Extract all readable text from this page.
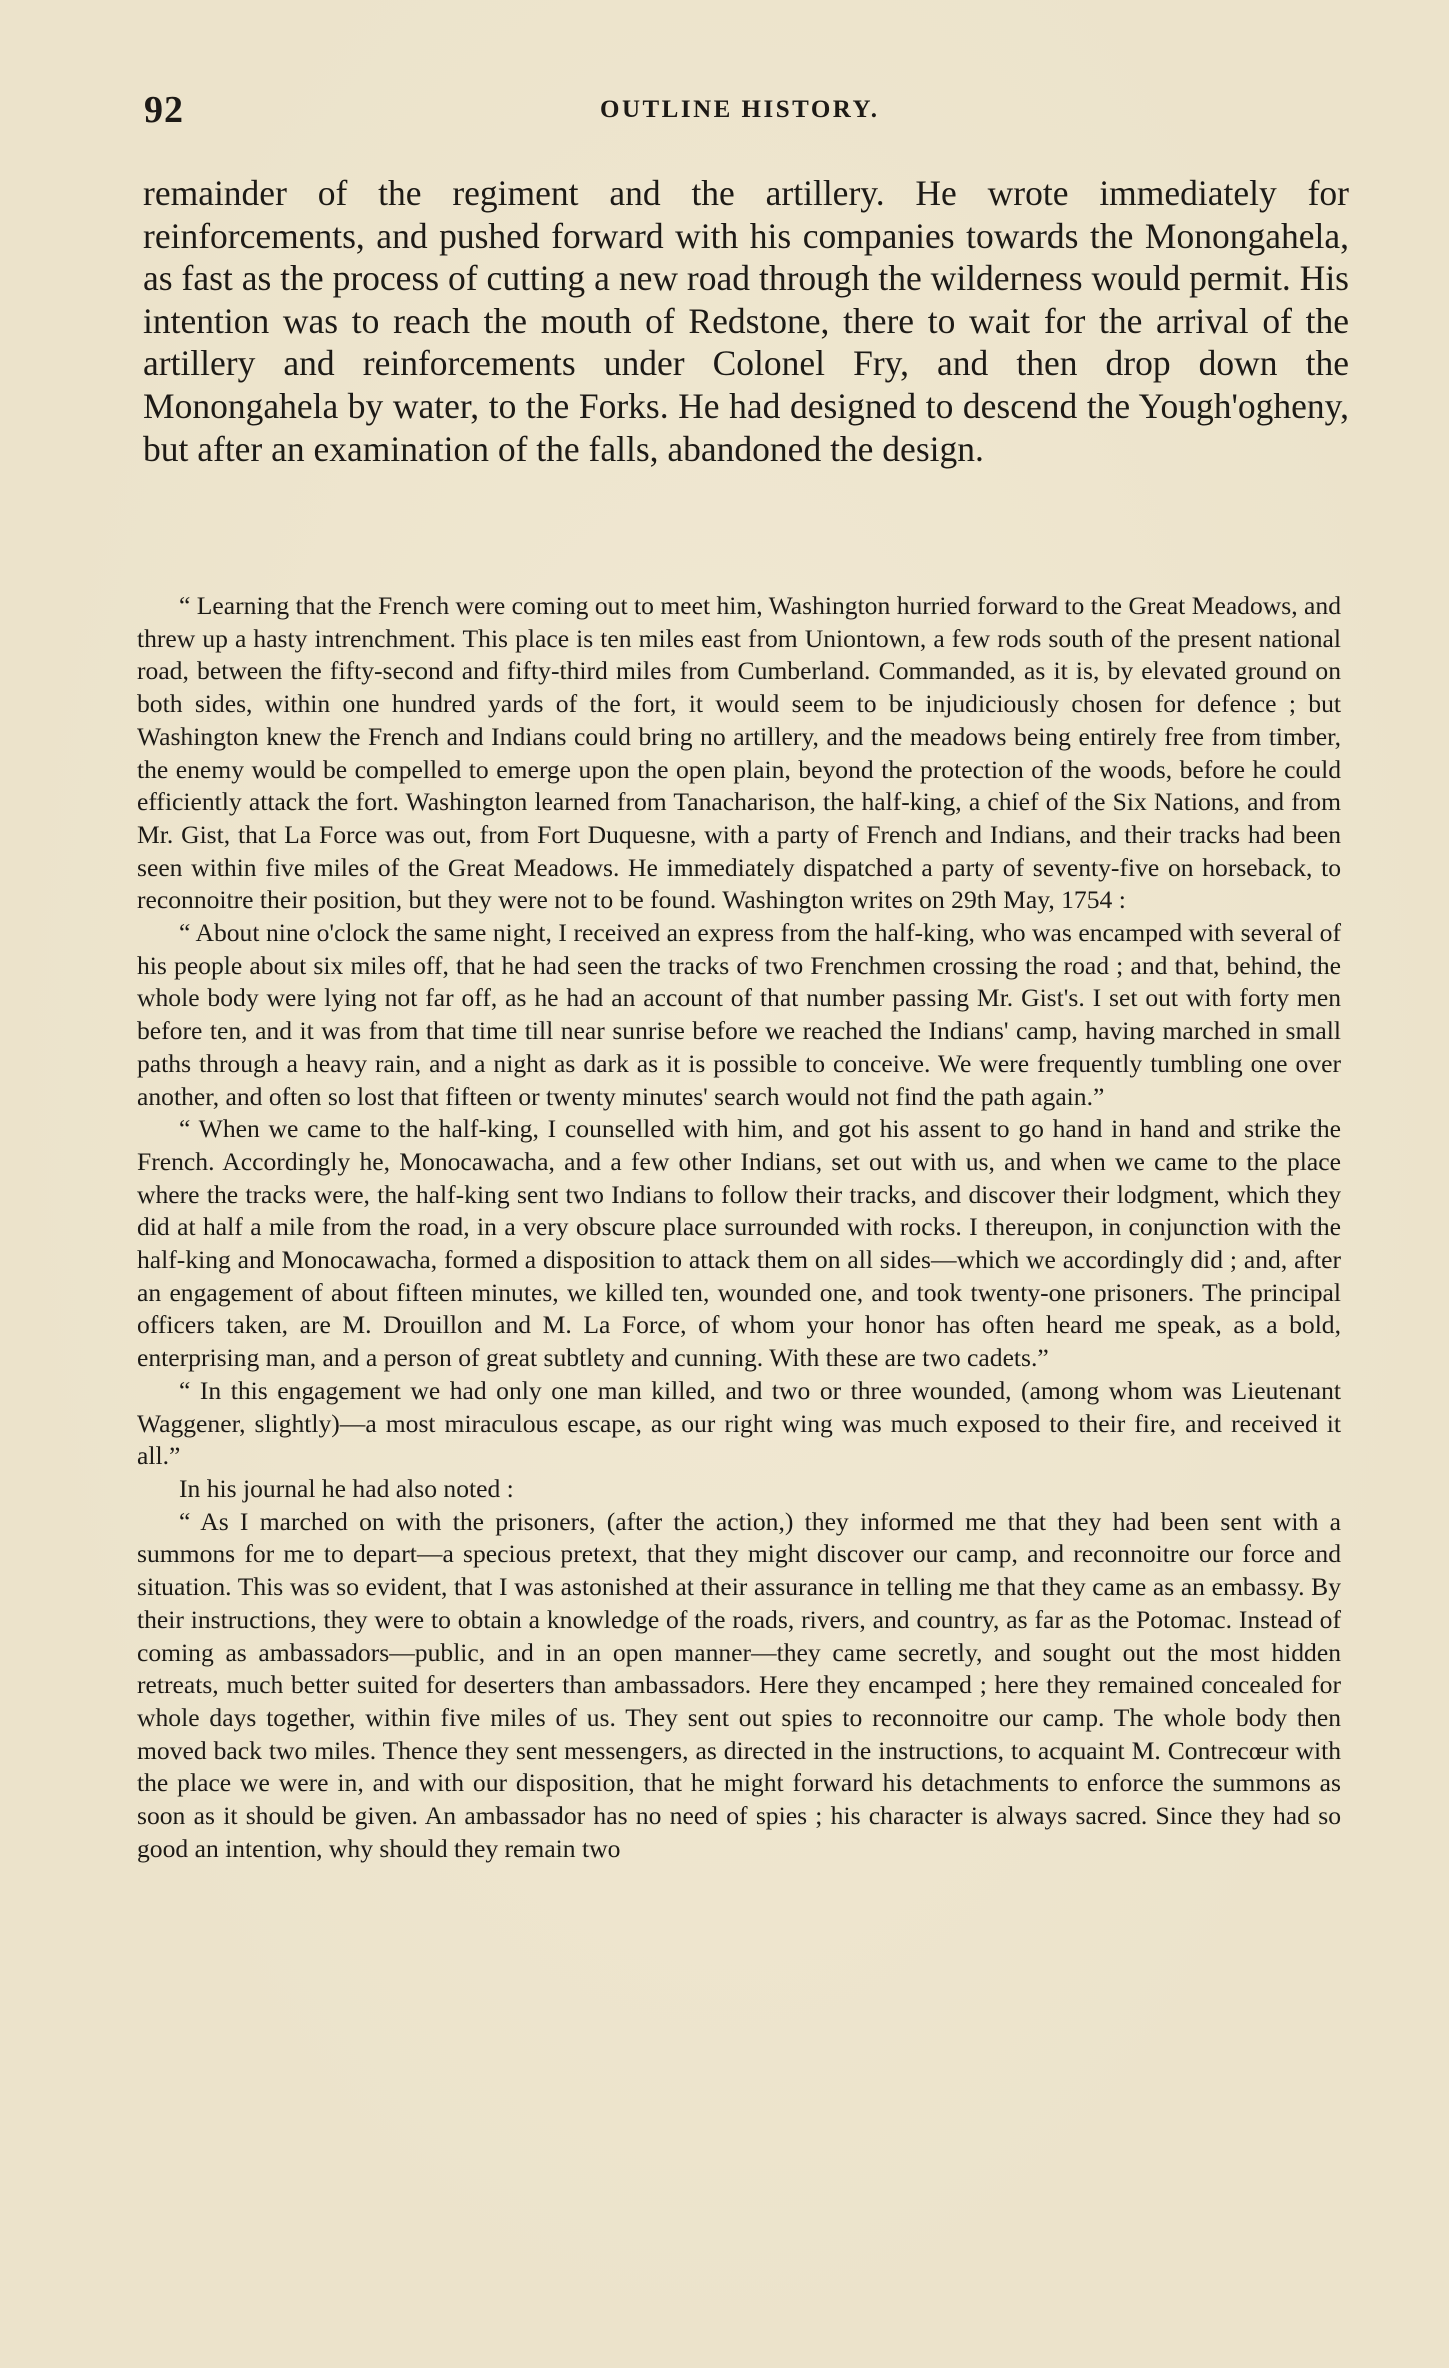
92	OUTLINE HISTORY.

remainder of the regiment and the artillery. He wrote immediately for reinforcements, and pushed forward with his companies towards the Monongahela, as fast as the process of cutting a new road through the wilderness would permit. His intention was to reach the mouth of Redstone, there to wait for the arrival of the artillery and reinforcements under Colonel Fry, and then drop down the Monongahela by water, to the Forks. He had designed to descend the Yough'ogheny, but after an examination of the falls, abandoned the design.

“ Learning that the French were coming out to meet him, Washington hurried forward to the Great Meadows, and threw up a hasty intrenchment. This place is ten miles east from Uniontown, a few rods south of the present national road, between the fifty-second and fifty-third miles from Cumberland. Commanded, as it is, by elevated ground on both sides, within one hundred yards of the fort, it would seem to be injudiciously chosen for defence ; but Washington knew the French and Indians could bring no artillery, and the meadows being entirely free from timber, the enemy would be compelled to emerge upon the open plain, beyond the protection of the woods, before he could efficiently attack the fort. Washington learned from Tanacharison, the half-king, a chief of the Six Nations, and from Mr. Gist, that La Force was out, from Fort Duquesne, with a party of French and Indians, and their tracks had been seen within five miles of the Great Meadows. He immediately dispatched a party of seventy-five on horseback, to reconnoitre their position, but they were not to be found. Washington writes on 29th May, 1754 :

“ About nine o'clock the same night, I received an express from the half-king, who was encamped with several of his people about six miles off, that he had seen the tracks of two Frenchmen crossing the road ; and that, behind, the whole body were lying not far off, as he had an account of that number passing Mr. Gist's. I set out with forty men before ten, and it was from that time till near sunrise before we reached the Indians' camp, having marched in small paths through a heavy rain, and a night as dark as it is possible to conceive. We were frequently tumbling one over another, and often so lost that fifteen or twenty minutes' search would not find the path again.”

“ When we came to the half-king, I counselled with him, and got his assent to go hand in hand and strike the French. Accordingly he, Monocawacha, and a few other Indians, set out with us, and when we came to the place where the tracks were, the half-king sent two Indians to follow their tracks, and discover their lodgment, which they did at half a mile from the road, in a very obscure place surrounded with rocks. I thereupon, in conjunction with the half-king and Monocawacha, formed a disposition to attack them on all sides—which we accordingly did ; and, after an engagement of about fifteen minutes, we killed ten, wounded one, and took twenty-one prisoners. The principal officers taken, are M. Drouillon and M. La Force, of whom your honor has often heard me speak, as a bold, enterprising man, and a person of great subtlety and cunning. With these are two cadets.”

“ In this engagement we had only one man killed, and two or three wounded, (among whom was Lieutenant Waggener, slightly)—a most miraculous escape, as our right wing was much exposed to their fire, and received it all.”

In his journal he had also noted :

“ As I marched on with the prisoners, (after the action,) they informed me that they had been sent with a summons for me to depart—a specious pretext, that they might discover our camp, and reconnoitre our force and situation. This was so evident, that I was astonished at their assurance in telling me that they came as an embassy. By their instructions, they were to obtain a knowledge of the roads, rivers, and country, as far as the Potomac. Instead of coming as ambassadors—public, and in an open manner—they came secretly, and sought out the most hidden retreats, much better suited for deserters than ambassadors. Here they encamped ; here they remained concealed for whole days together, within five miles of us. They sent out spies to reconnoitre our camp. The whole body then moved back two miles. Thence they sent messengers, as directed in the instructions, to acquaint M. Contrecœur with the place we were in, and with our disposition, that he might forward his detachments to enforce the summons as soon as it should be given. An ambassador has no need of spies ; his character is always sacred. Since they had so good an intention, why should they remain two
